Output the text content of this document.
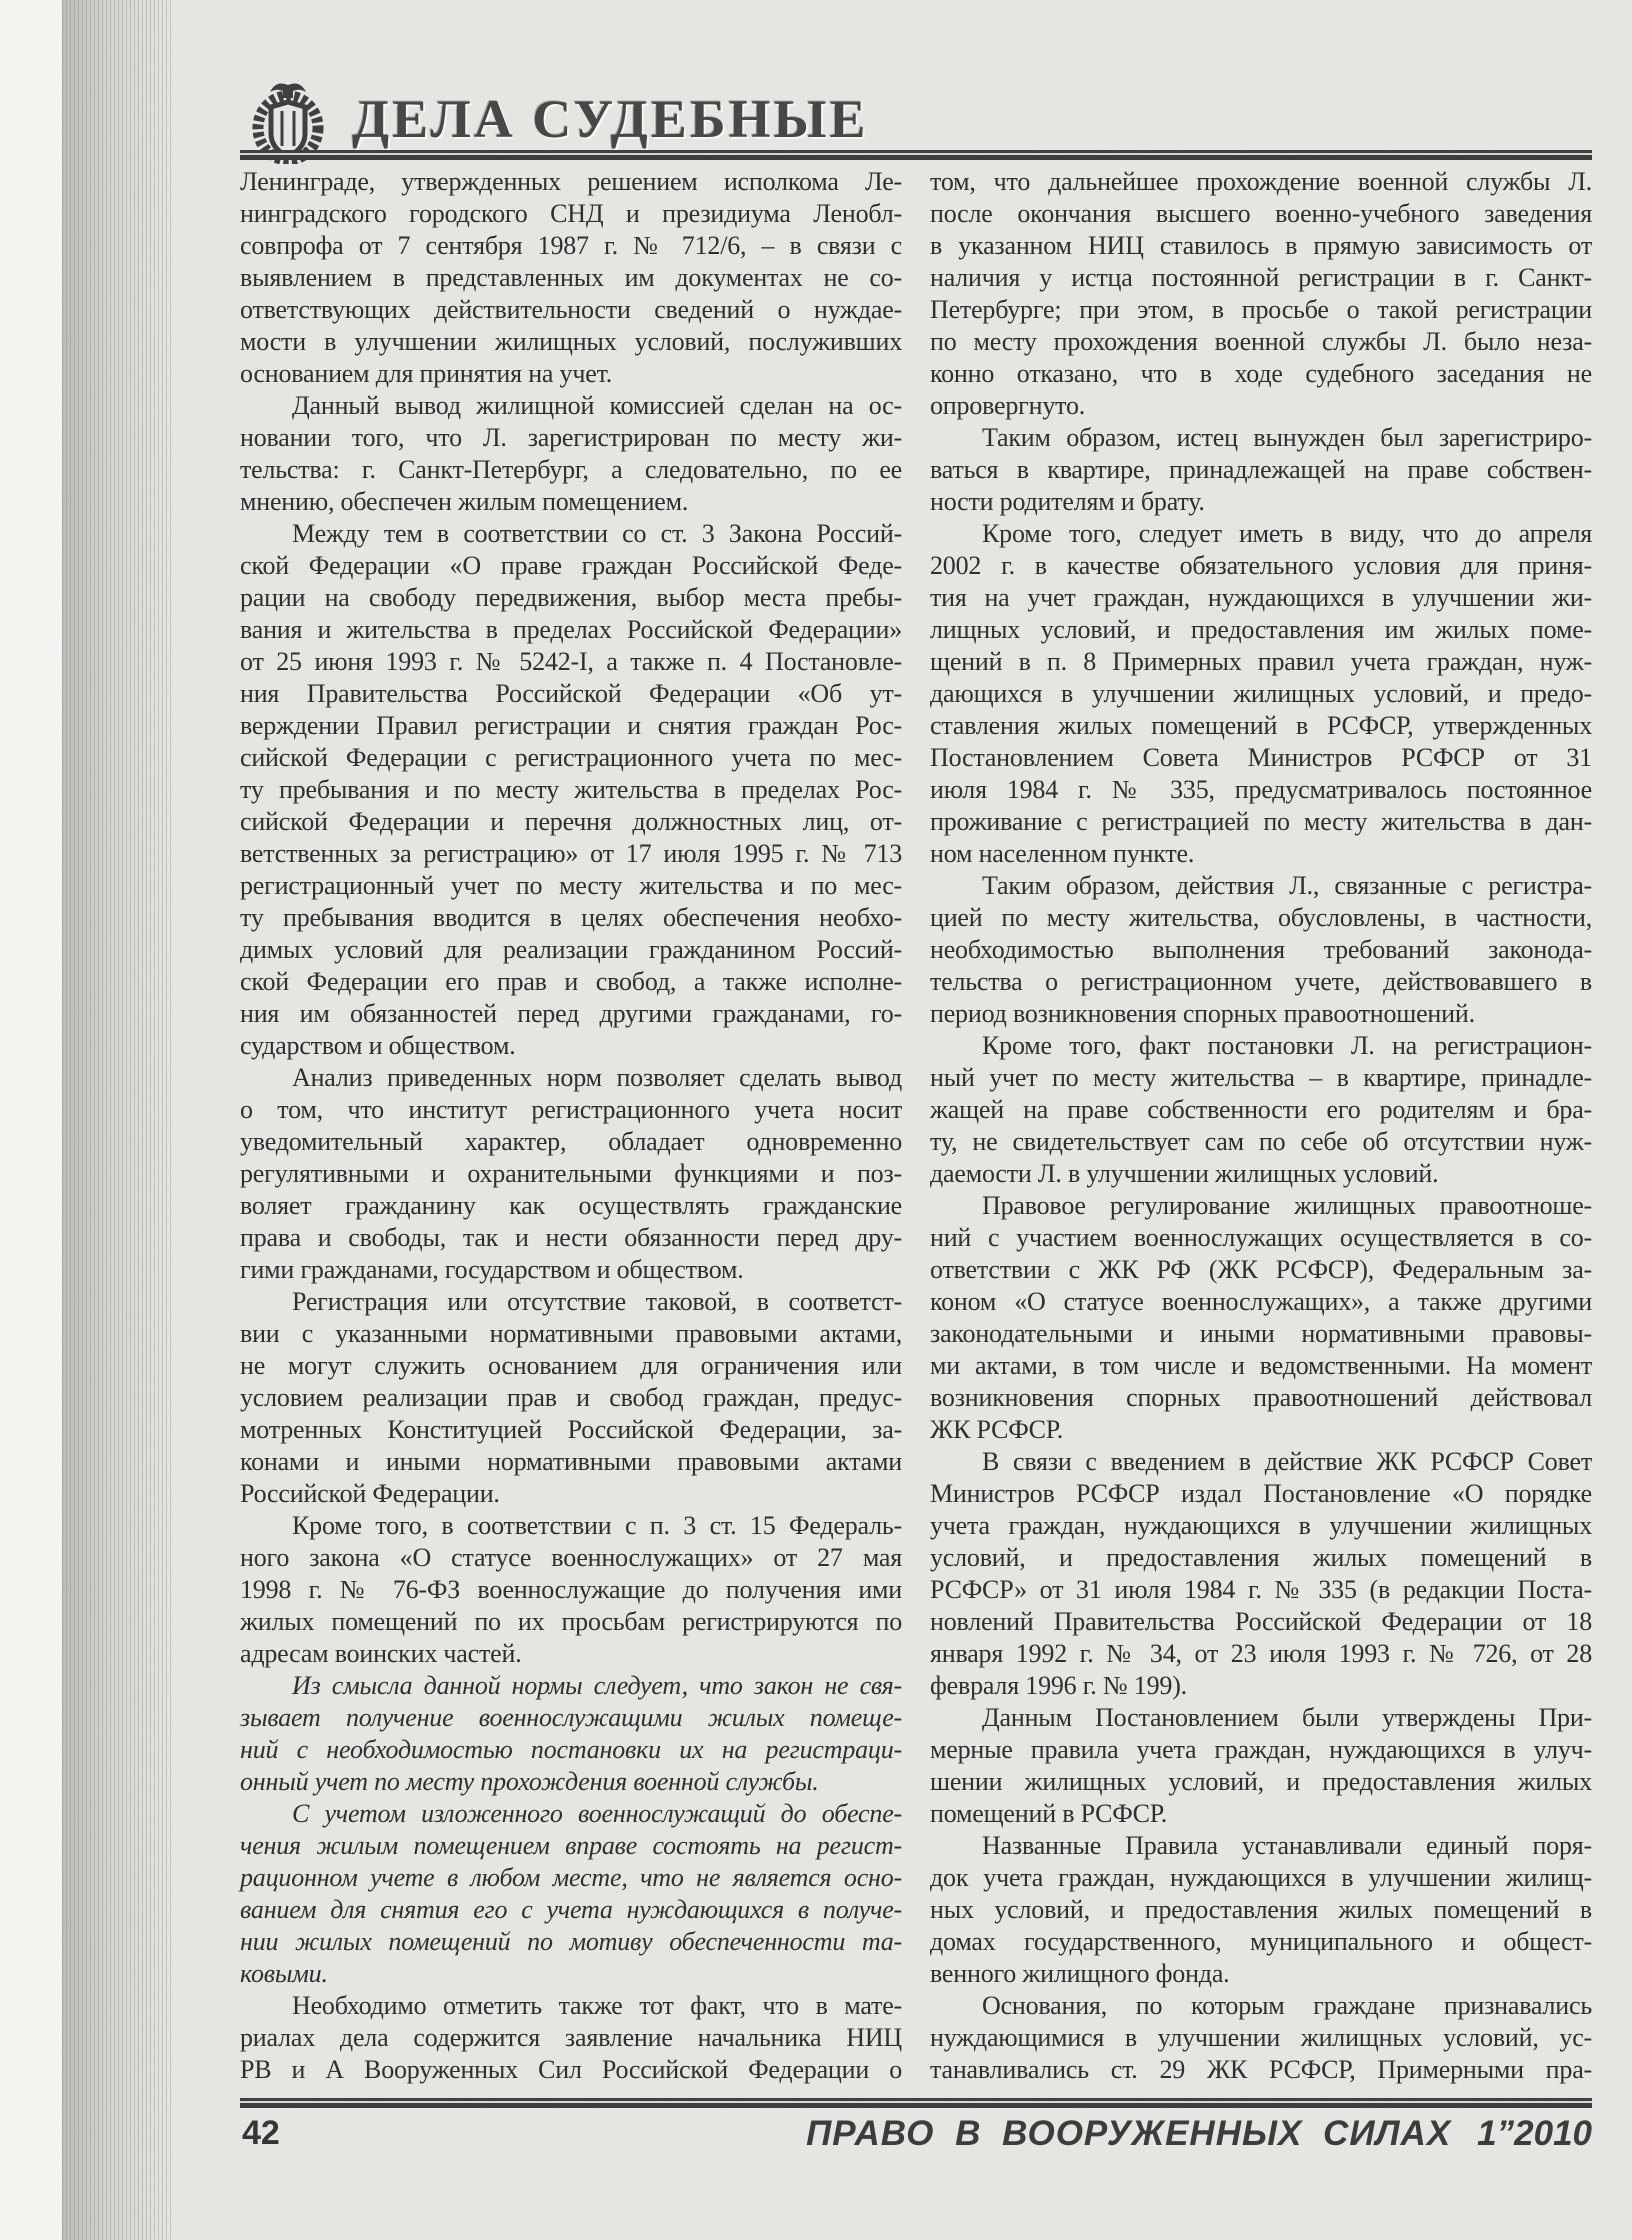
ДЕЛА СУДЕБНЫЕ
Ленинграде, утвержденных решением исполкома Ле-
нинградского городского СНД и президиума Ленобл-
совпрофа от 7 сентября 1987 г. № 712/6, – в связи с
выявлением в представленных им документах не со-
ответствующих действительности сведений о нуждае-
мости в улучшении жилищных условий, послуживших
основанием для принятия на учет.
Данный вывод жилищной комиссией сделан на ос-
новании того, что Л. зарегистрирован по месту жи-
тельства: г. Санкт-Петербург, а следовательно, по ее
мнению, обеспечен жилым помещением.
Между тем в соответствии со ст. 3 Закона Россий-
ской Федерации «О праве граждан Российской Феде-
рации на свободу передвижения, выбор места пребы-
вания и жительства в пределах Российской Федерации»
от 25 июня 1993 г. № 5242-I, а также п. 4 Постановле-
ния Правительства Российской Федерации «Об ут-
верждении Правил регистрации и снятия граждан Рос-
сийской Федерации с регистрационного учета по мес-
ту пребывания и по месту жительства в пределах Рос-
сийской Федерации и перечня должностных лиц, от-
ветственных за регистрацию» от 17 июля 1995 г. № 713
регистрационный учет по месту жительства и по мес-
ту пребывания вводится в целях обеспечения необхо-
димых условий для реализации гражданином Россий-
ской Федерации его прав и свобод, а также исполне-
ния им обязанностей перед другими гражданами, го-
сударством и обществом.
Анализ приведенных норм позволяет сделать вывод
о том, что институт регистрационного учета носит
уведомительный характер, обладает одновременно
регулятивными и охранительными функциями и поз-
воляет гражданину как осуществлять гражданские
права и свободы, так и нести обязанности перед дру-
гими гражданами, государством и обществом.
Регистрация или отсутствие таковой, в соответст-
вии с указанными нормативными правовыми актами,
не могут служить основанием для ограничения или
условием реализации прав и свобод граждан, предус-
мотренных Конституцией Российской Федерации, за-
конами и иными нормативными правовыми актами
Российской Федерации.
Кроме того, в соответствии с п. 3 ст. 15 Федераль-
ного закона «О статусе военнослужащих» от 27 мая
1998 г. № 76-ФЗ военнослужащие до получения ими
жилых помещений по их просьбам регистрируются по
адресам воинских частей.
Из смысла данной нормы следует, что закон не свя-
зывает получение военнослужащими жилых помеще-
ний с необходимостью постановки их на регистраци-
онный учет по месту прохождения военной службы.
С учетом изложенного военнослужащий до обеспе-
чения жилым помещением вправе состоять на регист-
рационном учете в любом месте, что не является осно-
ванием для снятия его с учета нуждающихся в получе-
нии жилых помещений по мотиву обеспеченности та-
ковыми.
Необходимо отметить также тот факт, что в мате-
риалах дела содержится заявление начальника НИЦ
РВ и А Вооруженных Сил Российской Федерации о
том, что дальнейшее прохождение военной службы Л.
после окончания высшего военно-учебного заведения
в указанном НИЦ ставилось в прямую зависимость от
наличия у истца постоянной регистрации в г. Санкт-
Петербурге; при этом, в просьбе о такой регистрации
по месту прохождения военной службы Л. было неза-
конно отказано, что в ходе судебного заседания не
опровергнуто.
Таким образом, истец вынужден был зарегистриро-
ваться в квартире, принадлежащей на праве собствен-
ности родителям и брату.
Кроме того, следует иметь в виду, что до апреля
2002 г. в качестве обязательного условия для приня-
тия на учет граждан, нуждающихся в улучшении жи-
лищных условий, и предоставления им жилых поме-
щений в п. 8 Примерных правил учета граждан, нуж-
дающихся в улучшении жилищных условий, и предо-
ставления жилых помещений в РСФСР, утвержденных
Постановлением Совета Министров РСФСР от 31
июля 1984 г. № 335, предусматривалось постоянное
проживание с регистрацией по месту жительства в дан-
ном населенном пункте.
Таким образом, действия Л., связанные с регистра-
цией по месту жительства, обусловлены, в частности,
необходимостью выполнения требований законода-
тельства о регистрационном учете, действовавшего в
период возникновения спорных правоотношений.
Кроме того, факт постановки Л. на регистрацион-
ный учет по месту жительства – в квартире, принадле-
жащей на праве собственности его родителям и бра-
ту, не свидетельствует сам по себе об отсутствии нуж-
даемости Л. в улучшении жилищных условий.
Правовое регулирование жилищных правоотноше-
ний с участием военнослужащих осуществляется в со-
ответствии с ЖК РФ (ЖК РСФСР), Федеральным за-
коном «О статусе военнослужащих», а также другими
законодательными и иными нормативными правовы-
ми актами, в том числе и ведомственными. На момент
возникновения спорных правоотношений действовал
ЖК РСФСР.
В связи с введением в действие ЖК РСФСР Совет
Министров РСФСР издал Постановление «О порядке
учета граждан, нуждающихся в улучшении жилищных
условий, и предоставления жилых помещений в
РСФСР» от 31 июля 1984 г. № 335 (в редакции Поста-
новлений Правительства Российской Федерации от 18
января 1992 г. № 34, от 23 июля 1993 г. № 726, от 28
февраля 1996 г. № 199).
Данным Постановлением были утверждены При-
мерные правила учета граждан, нуждающихся в улуч-
шении жилищных условий, и предоставления жилых
помещений в РСФСР.
Названные Правила устанавливали единый поря-
док учета граждан, нуждающихся в улучшении жилищ-
ных условий, и предоставления жилых помещений в
домах государственного, муниципального и общест-
венного жилищного фонда.
Основания, по которым граждане признавались
нуждающимися в улучшении жилищных условий, ус-
танавливались ст. 29 ЖК РСФСР, Примерными пра-
42	ПРАВО В ВООРУЖЕННЫХ СИЛАХ 1”2010
